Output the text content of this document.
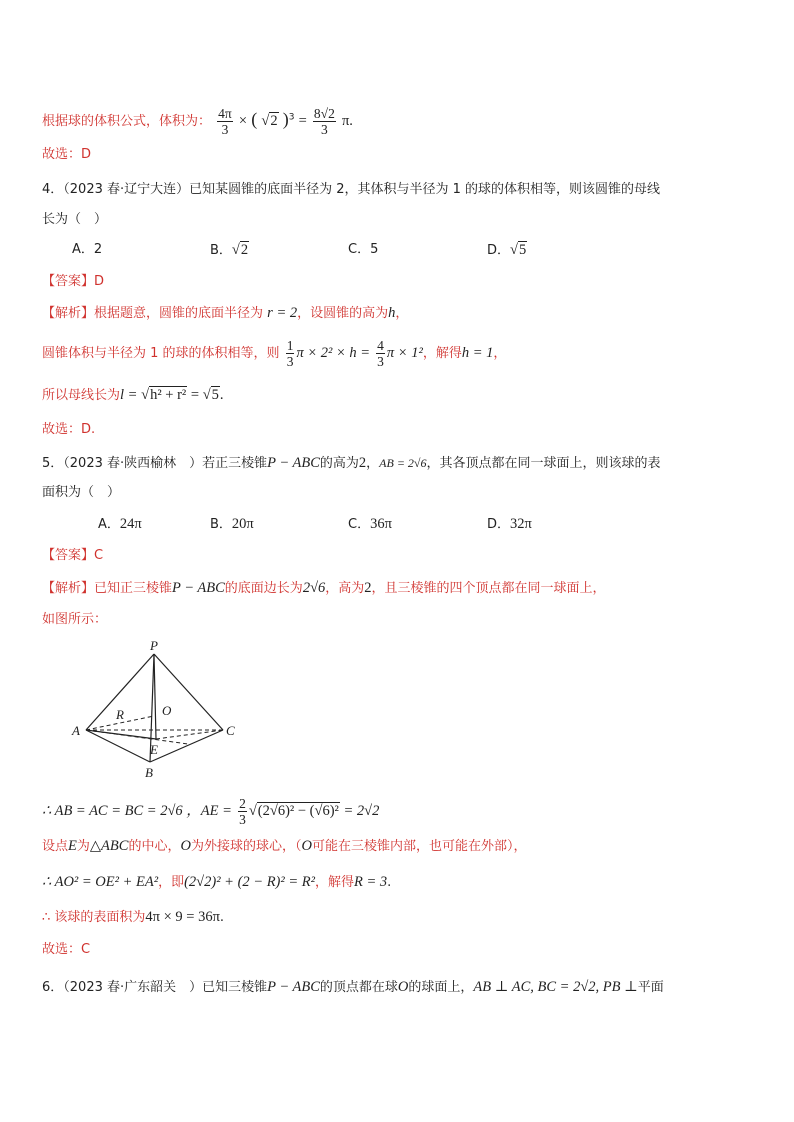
根据球的体积公式，体积为： $\frac{4\pi}{3}$ × ( √2 )$^3 = \frac{8√2}{3} \pi$.
故选：D
4．（2023 春·辽宁大连）已知某圆锥的底面半径为 2，其体积与半径为 1 的球的体积相等，则该圆锥的母线
长为（　）
A．2	B．√2	C．5	D．√5
【答案】D
【解析】根据题意，圆锥的底面半径为 r = 2，设圆锥的高为h，
圆锥体积与半径为 1 的球的体积相等，则 $\frac{1}{3}$ $\pi \times 2^2 \times h = \frac{4}{3}$ π × 1²，解得h = 1，
所以母线长为l = √h² + r² = √5.
故选：D.
5．（2023 春·陕西榆林　）若正三棱锥P − ABC的高为2，AB = 2√6，其各顶点都在同一球面上，则该球的表
面积为（　）
A．24π	B．20π	C．36π	D．32π
【答案】C
【解析】已知正三棱锥P − ABC的底面边长为2√6，高为2，且三棱锥的四个顶点都在同一球面上，
如图所示：
P
A
B
C
R	O
E
∴ AB = AC = BC = 2√6 ，AE = $\frac{2}{3} √(2√6)^2 - (√6)^2 = 2√2$
设点E为△ABC的中心，O为外接球的球心，（O可能在三棱锥内部，也可能在外部），
∴ AO² = OE² + EA²，即(2√2)² + (2 − R)² = R²，解得R = 3.
∴ 该球的表面积为4π × 9 = 36π.
故选：C
6．（2023 春·广东韶关　）已知三棱锥P − ABC的顶点都在球O的球面上，AB ⊥ AC, BC = 2√2, PB ⊥平面
